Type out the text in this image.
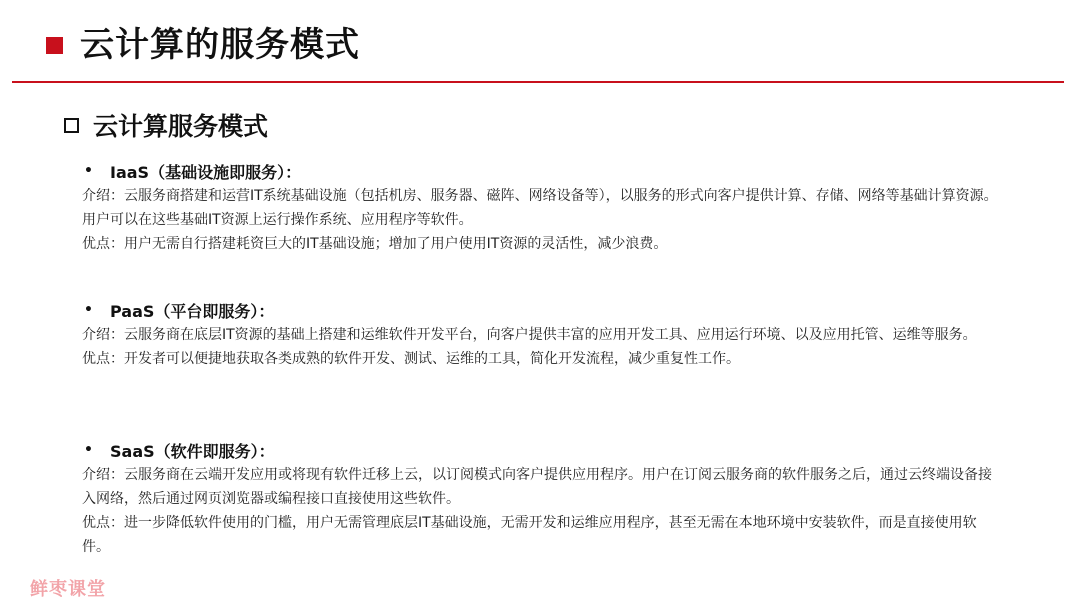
云计算的服务模式
云计算服务模式
•	IaaS（基础设施即服务）：

介绍：云服务商搭建和运营IT系统基础设施（包括机房、服务器、磁阵、网络设备等），以服务的形式向客户提供计算、存储、网络等基础计算资源。用户可以在这些基础IT资源上运行操作系统、应用程序等软件。

优点：用户无需自行搭建耗资巨大的IT基础设施；增加了用户使用IT资源的灵活性，减少浪费。

•	PaaS（平台即服务）：

介绍：云服务商在底层IT资源的基础上搭建和运维软件开发平台，向客户提供丰富的应用开发工具、应用运行环境、以及应用托管、运维等服务。

优点：开发者可以便捷地获取各类成熟的软件开发、测试、运维的工具，简化开发流程，减少重复性工作。

•	SaaS（软件即服务）：

介绍：云服务商在云端开发应用或将现有软件迁移上云，以订阅模式向客户提供应用程序。用户在订阅云服务商的软件服务之后，通过云终端设备接入网络，然后通过网页浏览器或编程接口直接使用这些软件。

优点：进一步降低软件使用的门槛，用户无需管理底层IT基础设施，无需开发和运维应用程序，甚至无需在本地环境中安装软件，而是直接使用软件。

鲜枣课堂
